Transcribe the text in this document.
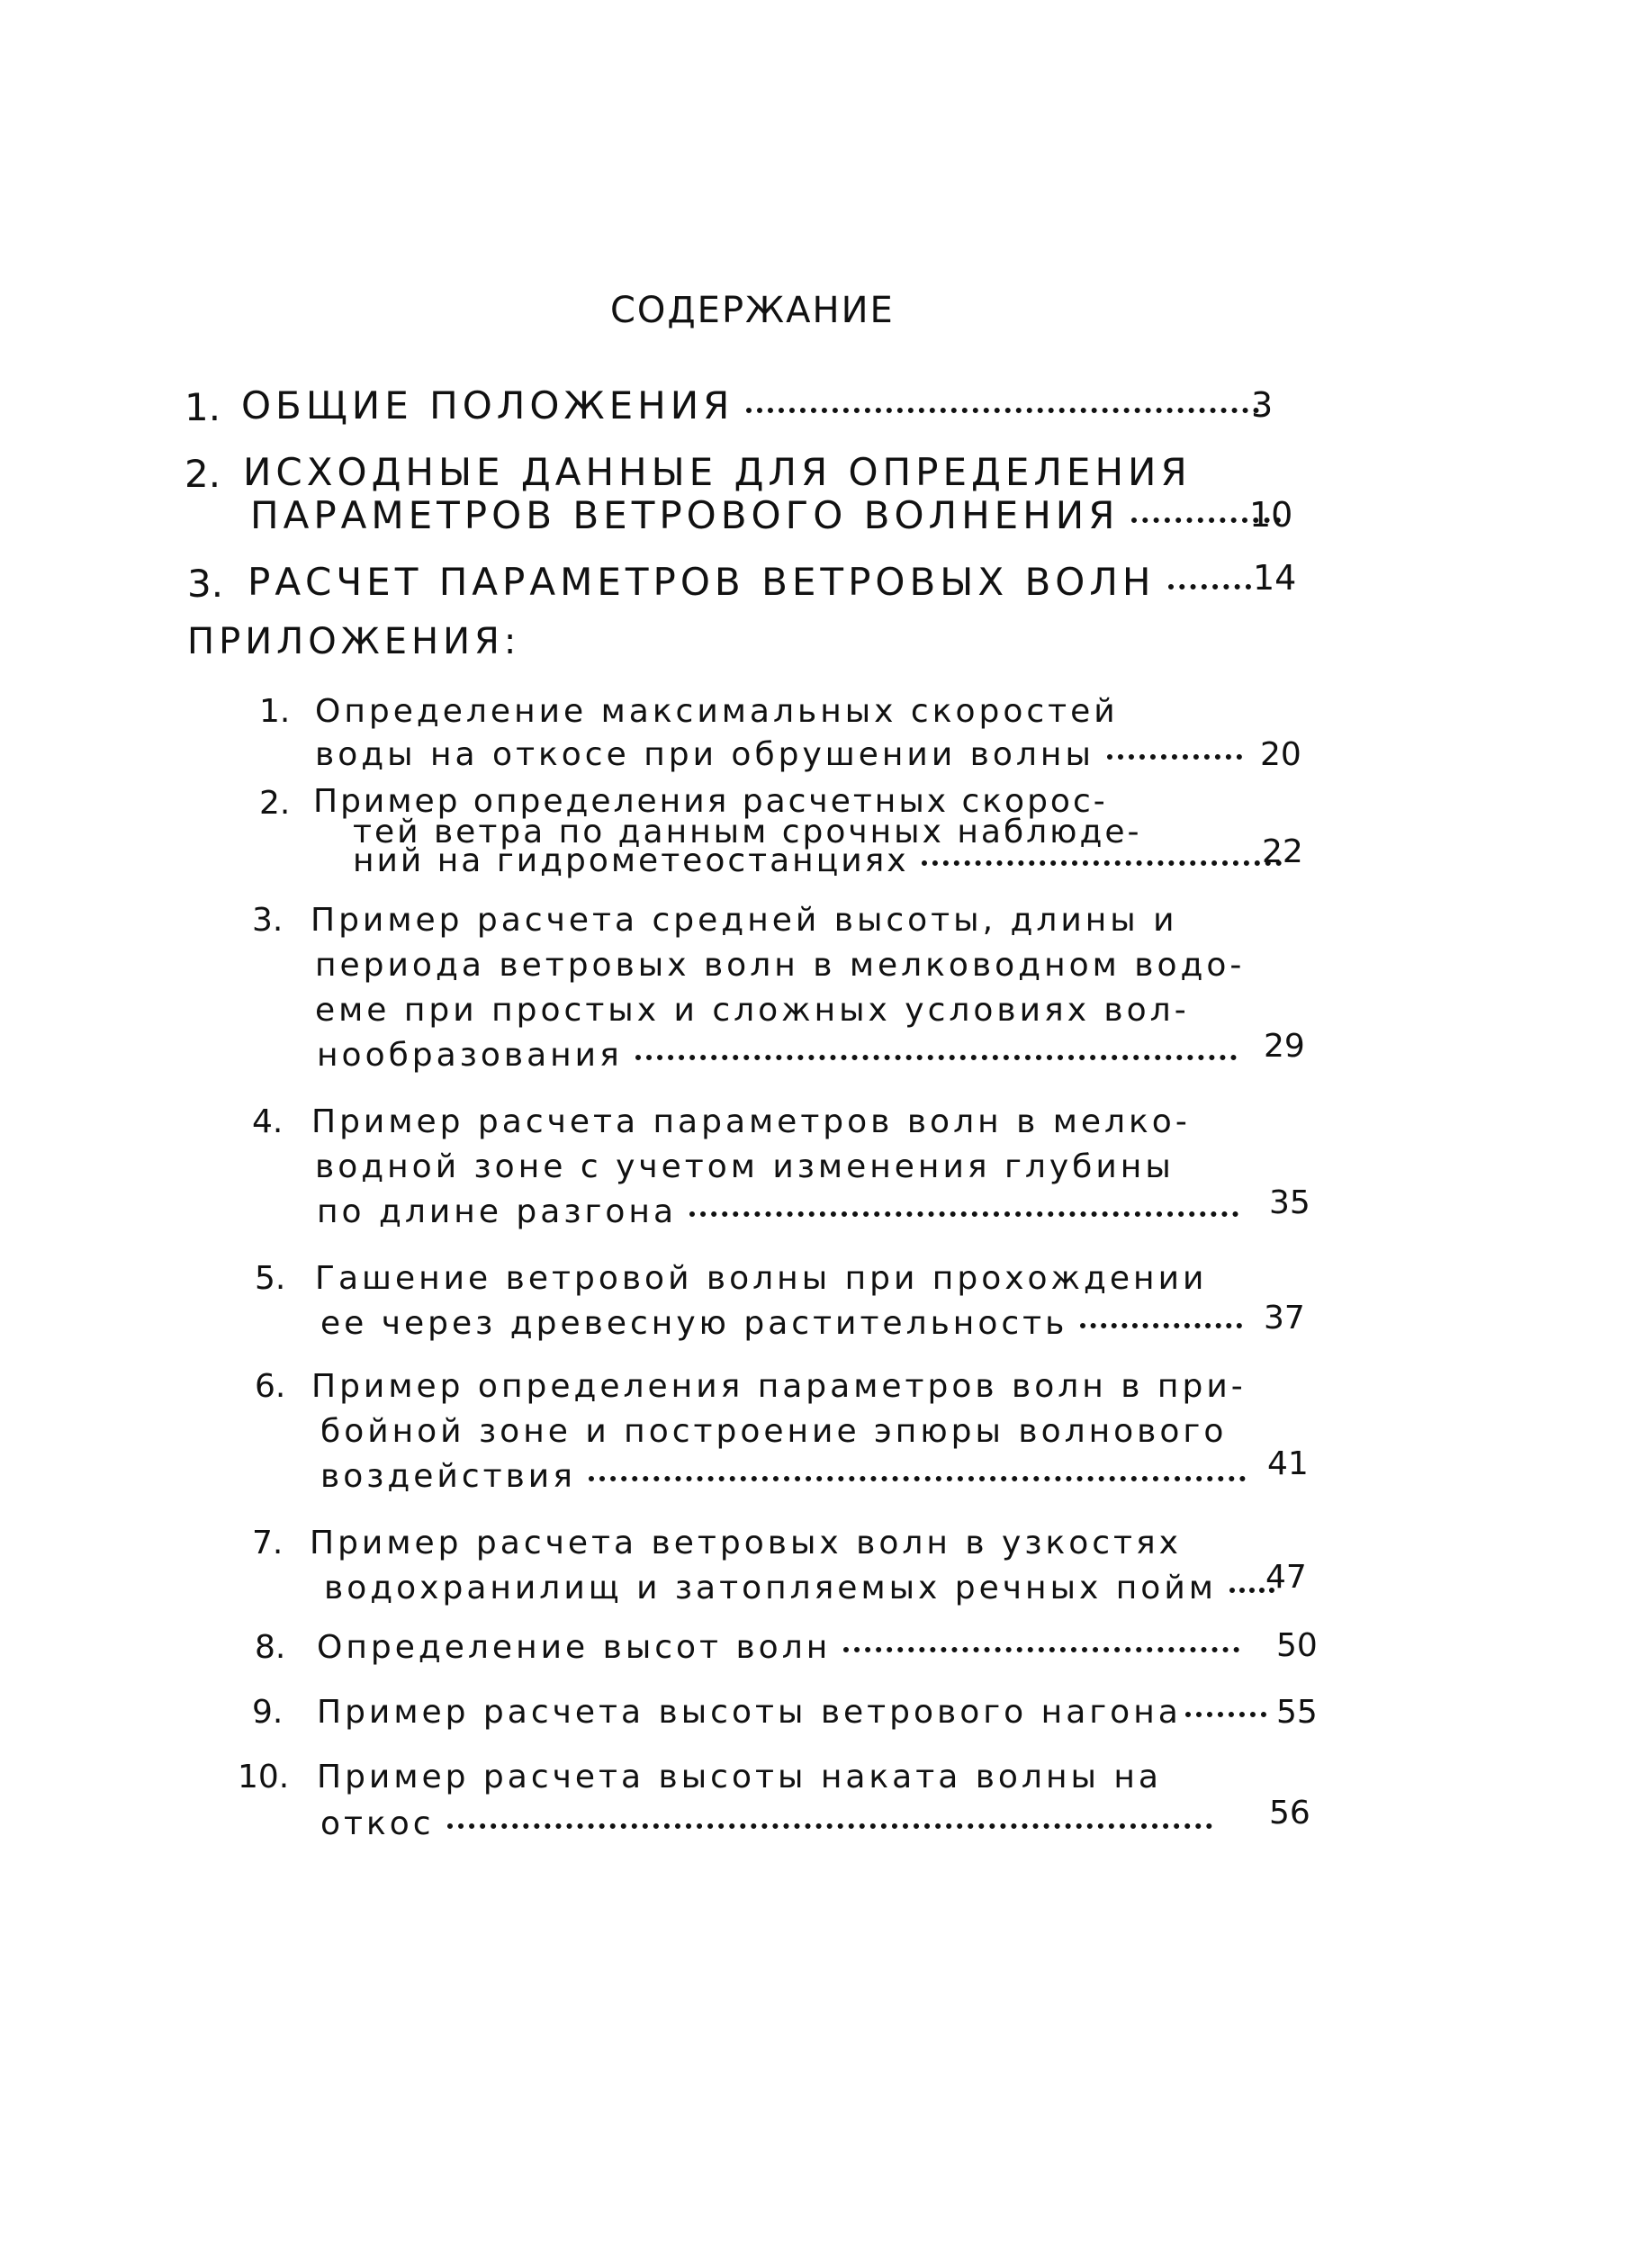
СОДЕРЖАНИЕ
1. ОБЩИЕ ПОЛОЖЕНИЯ	3
2. ИСХОДНЫЕ ДАННЫЕ ДЛЯ ОПРЕДЕЛЕНИЯ
ПАРАМЕТРОВ ВЕТРОВОГО ВОЛНЕНИЯ	10
3. РАСЧЕТ ПАРАМЕТРОВ ВЕТРОВЫХ ВОЛН	14
ПРИЛОЖЕНИЯ:
1. Определение максимальных скоростей
воды на откосе при обрушении волны	20
2. Пример определения расчетных скорос-
тей ветра по данным срочных наблюде-
ний на гидрометеостанциях	22
3. Пример расчета средней высоты, длины и
периода ветровых волн в мелководном водо-
еме при простых и сложных условиях вол-
нообразования	29
4. Пример расчета параметров волн в мелко-
водной зоне с учетом изменения глубины
по длине разгона	35
5. Гашение ветровой волны при прохождении
ее через древесную растительность	37
6. Пример определения параметров волн в при-
бойной зоне и построение эпюры волнового
воздействия	41
7. Пример расчета ветровых волн в узкостях
водохранилищ и затопляемых речных пойм	47
8. Определение высот волн	50
9. Пример расчета высоты ветрового нагона	55
10. Пример расчета высоты наката волны на
откос	56
